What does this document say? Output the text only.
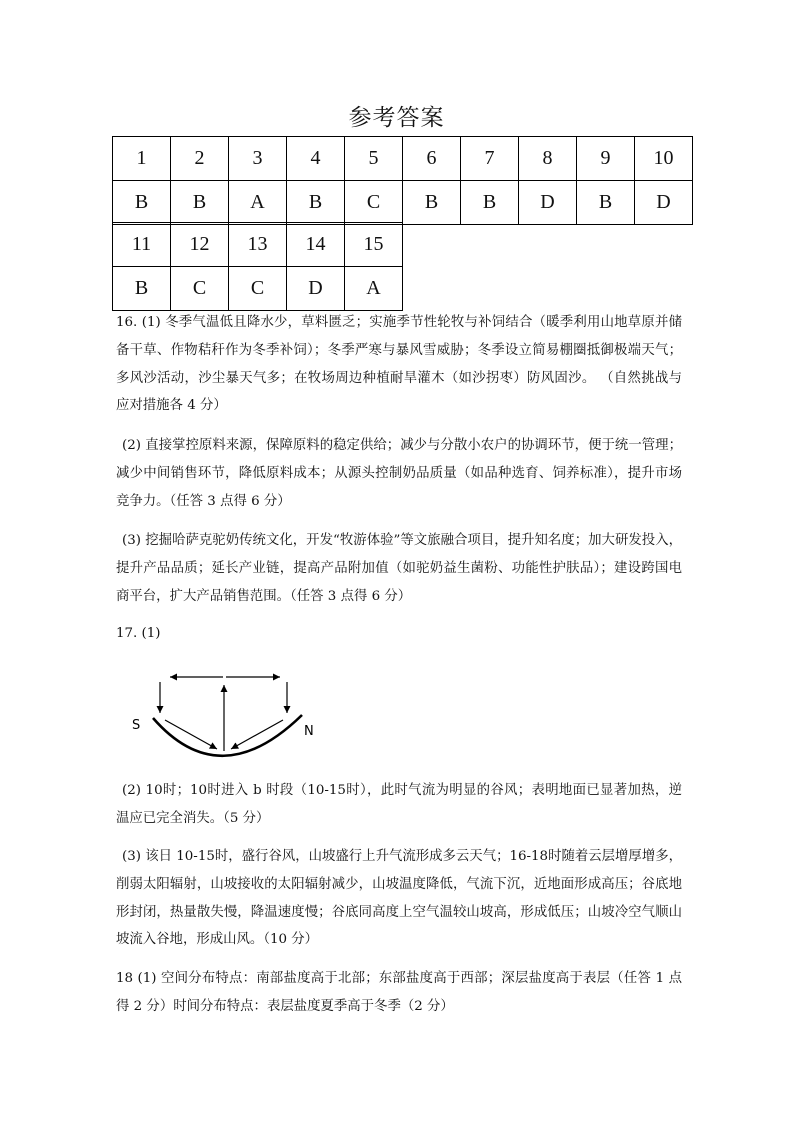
参考答案
1	2	3	4	5	6	7	8	9	10
B	B	A	B	C	B	B	D	B	D
11	12	13	14	15
B	C	C	D	A

16. (1) 冬季气温低且降水少，草料匮乏；实施季节性轮牧与补饲结合（暖季利用山地草原并储备干草、作物秸秆作为冬季补饲）；冬季严寒与暴风雪威胁；冬季设立简易棚圈抵御极端天气；多风沙活动，沙尘暴天气多；在牧场周边种植耐旱灌木（如沙拐枣）防风固沙。 （自然挑战与应对措施各 4 分）

(2) 直接掌控原料来源，保障原料的稳定供给；减少与分散小农户的协调环节，便于统一管理；减少中间销售环节，降低原料成本；从源头控制奶品质量（如品种选育、饲养标准），提升市场竞争力。（任答 3 点得 6 分）

(3) 挖掘哈萨克驼奶传统文化，开发“牧游体验”等文旅融合项目，提升知名度；加大研发投入，提升产品品质；延长产业链，提高产品附加值（如驼奶益生菌粉、功能性护肤品）；建设跨国电商平台，扩大产品销售范围。（任答 3 点得 6 分）

17. (1)

S	N

(2) 10时；10时进入 b 时段（10-15时），此时气流为明显的谷风；表明地面已显著加热，逆温应已完全消失。（5 分）

(3) 该日 10-15时，盛行谷风，山坡盛行上升气流形成多云天气；16-18时随着云层增厚增多，削弱太阳辐射，山坡接收的太阳辐射减少，山坡温度降低，气流下沉，近地面形成高压；谷底地形封闭，热量散失慢，降温速度慢；谷底同高度上空气温较山坡高，形成低压；山坡冷空气顺山坡流入谷地，形成山风。（10 分）

18 (1) 空间分布特点：南部盐度高于北部；东部盐度高于西部；深层盐度高于表层（任答 1 点得 2 分）时间分布特点：表层盐度夏季高于冬季（2 分）
